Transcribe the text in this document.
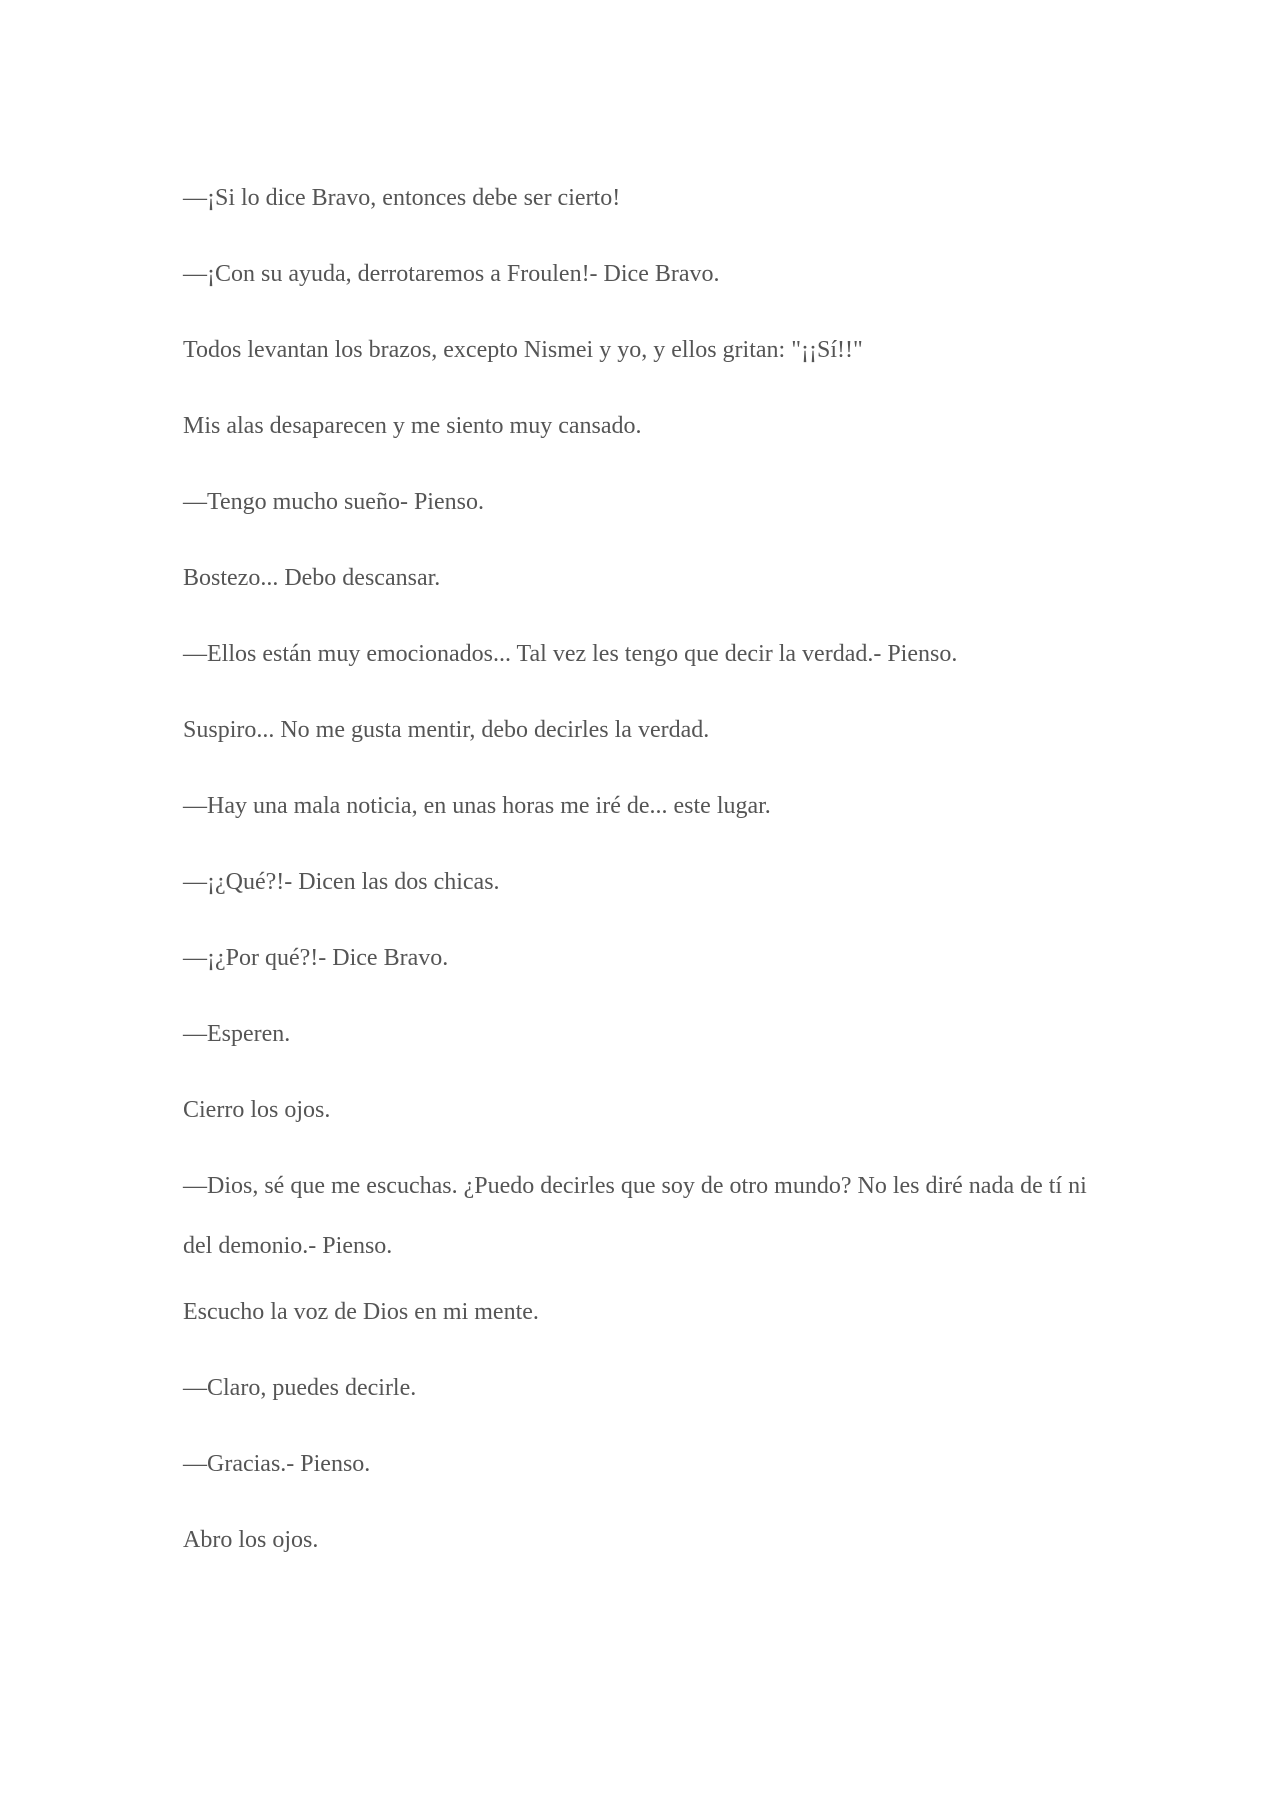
—¡Si lo dice Bravo, entonces debe ser cierto!

—¡Con su ayuda, derrotaremos a Froulen!- Dice Bravo.

Todos levantan los brazos, excepto Nismei y yo, y ellos gritan: "¡¡Sí!!"

Mis alas desaparecen y me siento muy cansado.

—Tengo mucho sueño- Pienso.

Bostezo... Debo descansar.

—Ellos están muy emocionados... Tal vez les tengo que decir la verdad.- Pienso.

Suspiro... No me gusta mentir, debo decirles la verdad.

—Hay una mala noticia, en unas horas me iré de... este lugar.

—¡¿Qué?!- Dicen las dos chicas.

—¡¿Por qué?!- Dice Bravo.

—Esperen.

Cierro los ojos.

—Dios, sé que me escuchas. ¿Puedo decirles que soy de otro mundo? No les diré nada de tí ni del demonio.- Pienso.

Escucho la voz de Dios en mi mente.

—Claro, puedes decirle.

—Gracias.- Pienso.

Abro los ojos.
